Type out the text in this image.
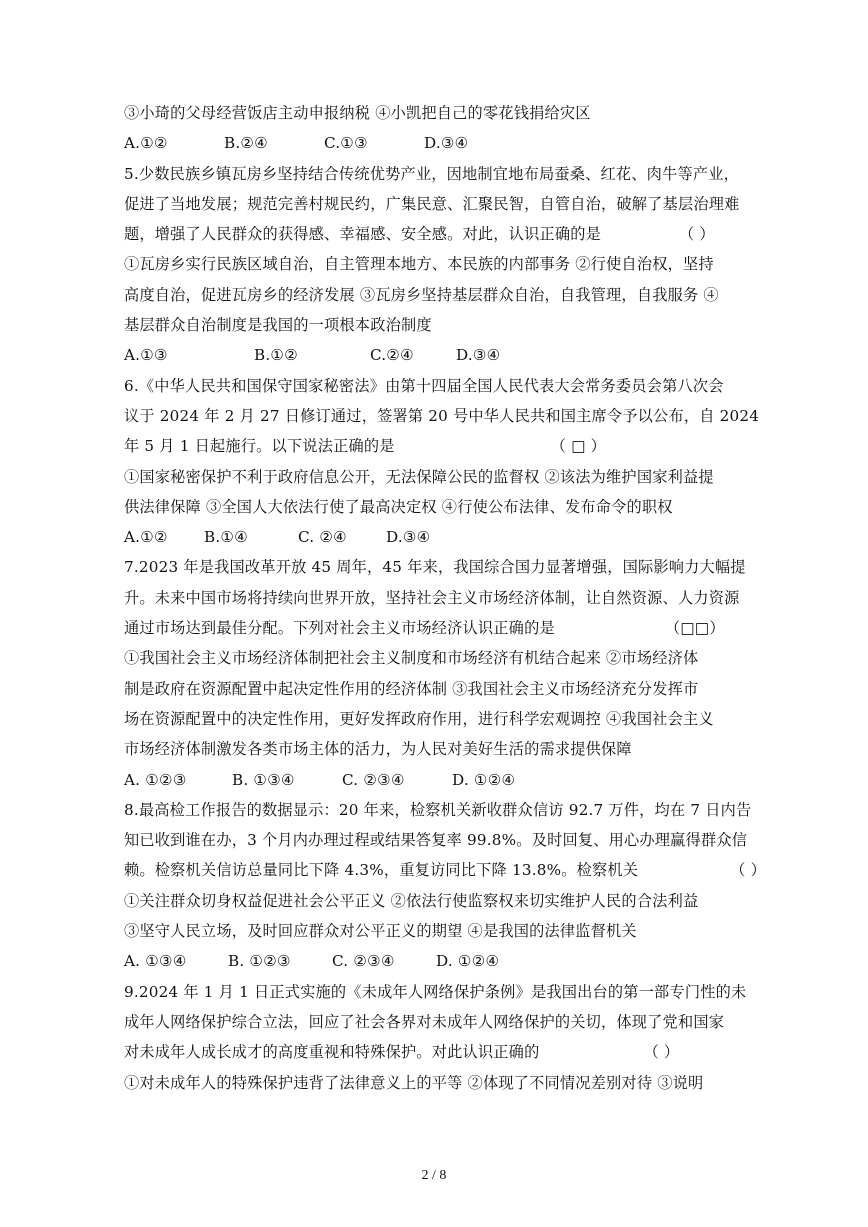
③小琦的父母经营饭店主动申报纳税 ④小凯把自己的零花钱捐给灾区
A.①②	B.②④	C.①③	D.③④
5.少数民族乡镇瓦房乡坚持结合传统优势产业，因地制宜地布局蚕桑、红花、肉牛等产业，
促进了当地发展；规范完善村规民约，广集民意、汇聚民智，自管自治，破解了基层治理难
题，增强了人民群众的获得感、幸福感、安全感。对此，认识正确的是	（ ）
①瓦房乡实行民族区域自治，自主管理本地方、本民族的内部事务 ②行使自治权，坚持
高度自治，促进瓦房乡的经济发展 ③瓦房乡坚持基层群众自治，自我管理，自我服务 ④
基层群众自治制度是我国的一项根本政治制度
A.①③	B.①②	C.②④	D.③④
6.《中华人民共和国保守国家秘密法》由第十四届全国人民代表大会常务委员会第八次会
议于 2024 年 2 月 27 日修订通过，签署第 20 号中华人民共和国主席令予以公布，自 2024
年 5 月 1 日起施行。以下说法正确的是	（ □ ）
①国家秘密保护不利于政府信息公开，无法保障公民的监督权 ②该法为维护国家利益提
供法律保障 ③全国人大依法行使了最高决定权 ④行使公布法律、发布命令的职权
A.①② B.①④	C. ②④	D.③④
7.2023 年是我国改革开放 45 周年，45 年来，我国综合国力显著增强，国际影响力大幅提
升。未来中国市场将持续向世界开放，坚持社会主义市场经济体制，让自然资源、人力资源
通过市场达到最佳分配。下列对社会主义市场经济认识正确的是	（□□）
①我国社会主义市场经济体制把社会主义制度和市场经济有机结合起来 ②市场经济体
制是政府在资源配置中起决定性作用的经济体制 ③我国社会主义市场经济充分发挥市
场在资源配置中的决定性作用，更好发挥政府作用，进行科学宏观调控 ④我国社会主义
市场经济体制激发各类市场主体的活力，为人民对美好生活的需求提供保障
A. ①②③	B. ①③④	C. ②③④	D. ①②④
8.最高检工作报告的数据显示：20 年来，检察机关新收群众信访 92.7 万件，均在 7 日内告
知已收到谁在办，3 个月内办理过程或结果答复率 99.8%。及时回复、用心办理赢得群众信
赖。检察机关信访总量同比下降 4.3%，重复访同比下降 13.8%。检察机关	（ ）
①关注群众切身权益促进社会公平正义 ②依法行使监察权来切实维护人民的合法利益
③坚守人民立场，及时回应群众对公平正义的期望 ④是我国的法律监督机关
A. ①③④	B. ①②③	C. ②③④	D. ①②④
9.2024 年 1 月 1 日正式实施的《未成年人网络保护条例》是我国出台的第一部专门性的未
成年人网络保护综合立法，回应了社会各界对未成年人网络保护的关切，体现了党和国家
对未成年人成长成才的高度重视和特殊保护。对此认识正确的	（ ）
①对未成年人的特殊保护违背了法律意义上的平等 ②体现了不同情况差别对待 ③说明
2 / 8
